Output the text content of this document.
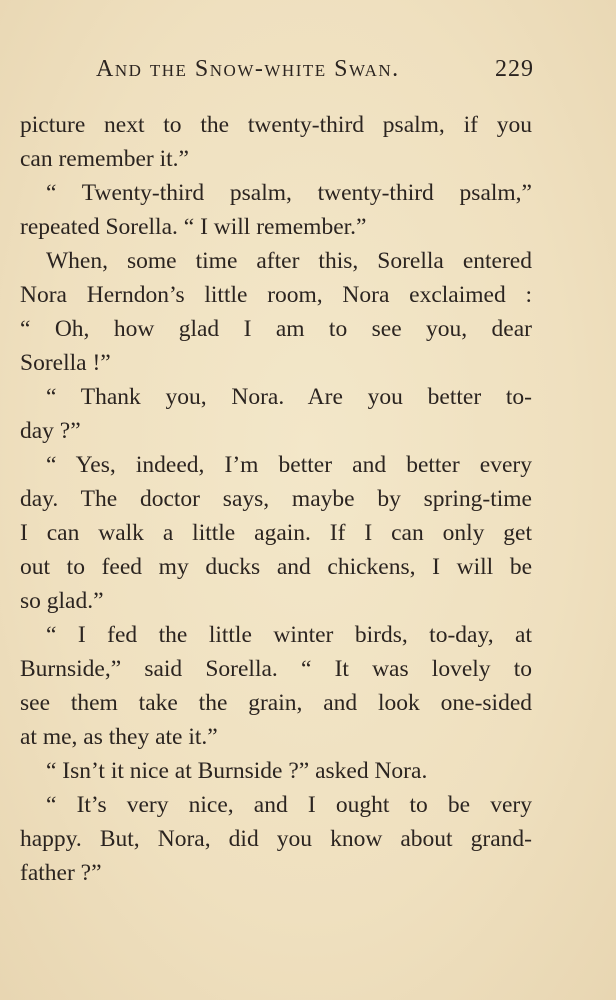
And the Snow-white Swan.	229
picture next to the twenty-third psalm, if you
can remember it.”
“ Twenty-third psalm, twenty-third psalm,”
repeated Sorella. “ I will remember.”
When, some time after this, Sorella entered
Nora Herndon’s little room, Nora exclaimed :
“ Oh, how glad I am to see you, dear
Sorella !”
“ Thank you, Nora. Are you better to-
day ?”
“ Yes, indeed, I’m better and better every
day. The doctor says, maybe by spring-time
I can walk a little again. If I can only get
out to feed my ducks and chickens, I will be
so glad.”
“ I fed the little winter birds, to-day, at
Burnside,” said Sorella. “ It was lovely to
see them take the grain, and look one-sided
at me, as they ate it.”
“ Isn’t it nice at Burnside ?” asked Nora.
“ It’s very nice, and I ought to be very
happy. But, Nora, did you know about grand-
father ?”
